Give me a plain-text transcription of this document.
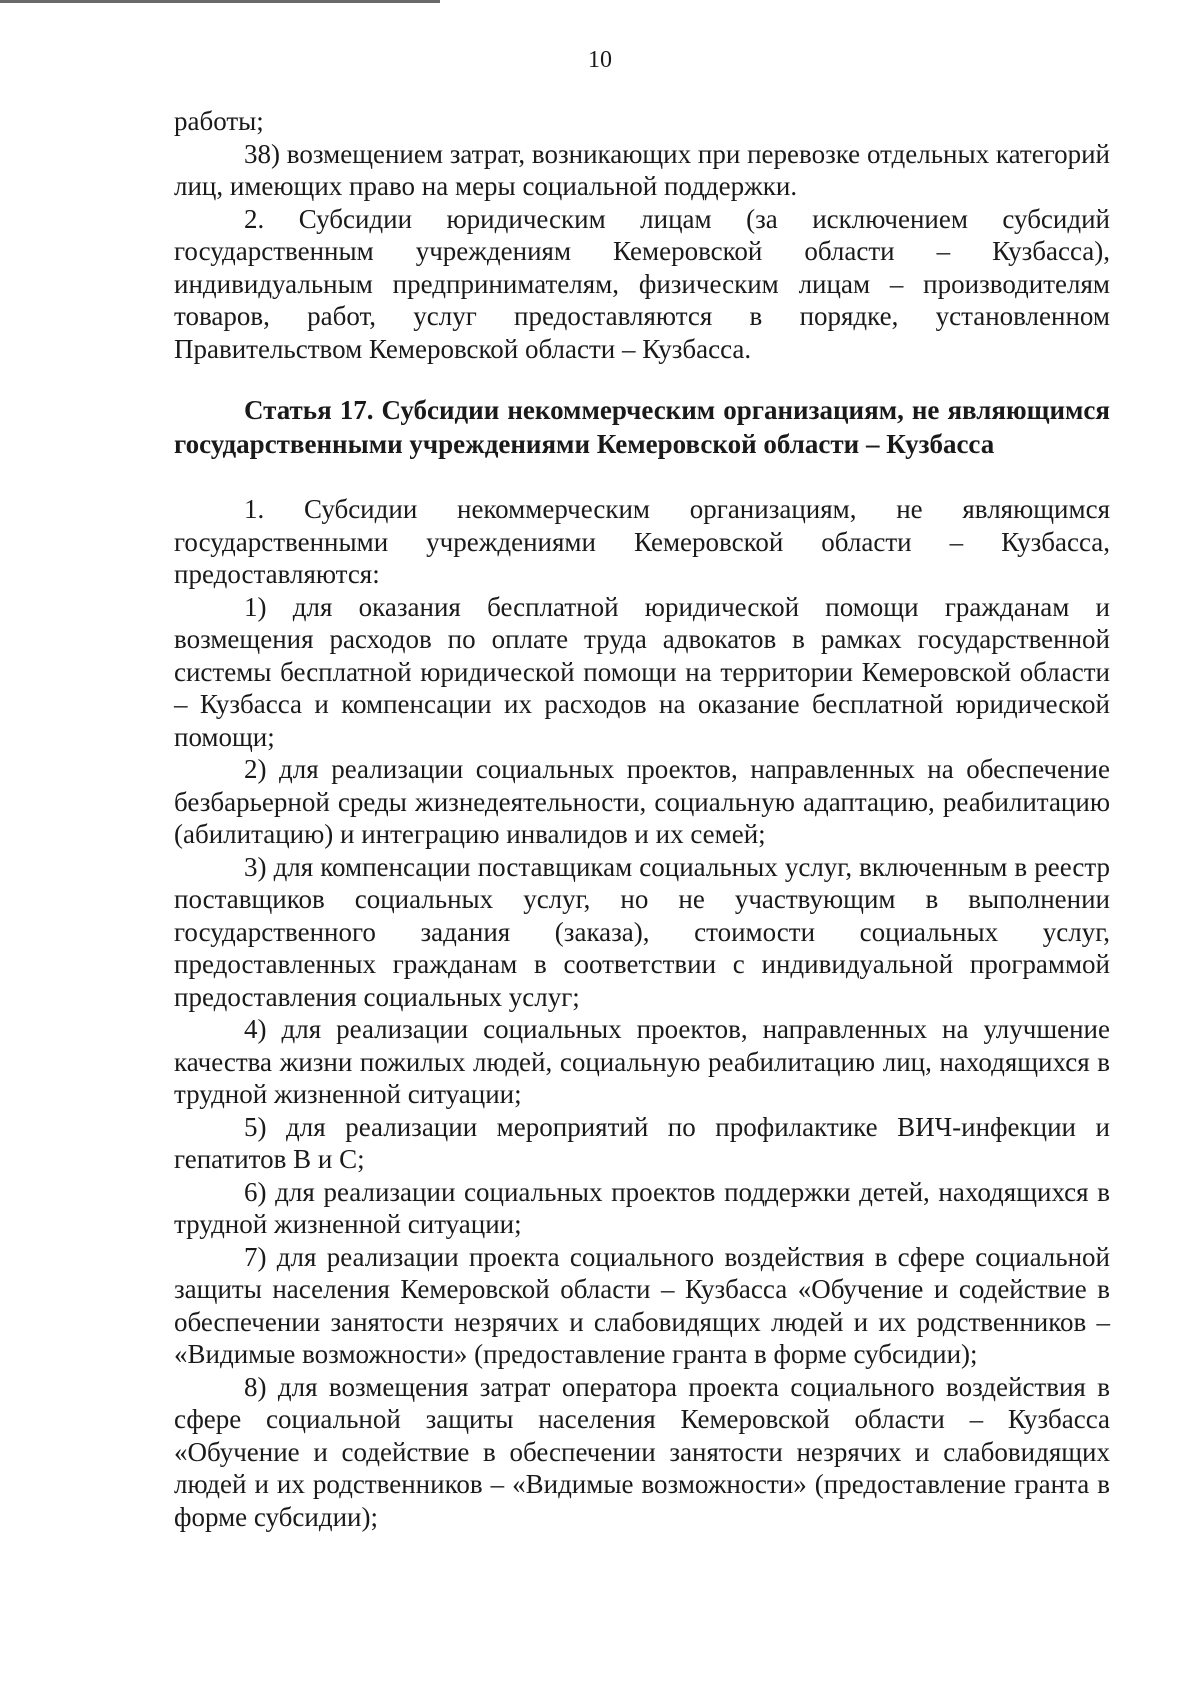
10

работы;

38) возмещением затрат, возникающих при перевозке отдельных категорий лиц, имеющих право на меры социальной поддержки.

2. Субсидии юридическим лицам (за исключением субсидий государственным учреждениям Кемеровской области – Кузбасса), индивидуальным предпринимателям, физическим лицам – производителям товаров, работ, услуг предоставляются в порядке, установленном Правительством Кемеровской области – Кузбасса.

Статья 17. Субсидии некоммерческим организациям, не являющимся государственными учреждениями Кемеровской области – Кузбасса

1. Субсидии некоммерческим организациям, не являющимся государственными учреждениями Кемеровской области – Кузбасса, предоставляются:

1) для оказания бесплатной юридической помощи гражданам и возмещения расходов по оплате труда адвокатов в рамках государственной системы бесплатной юридической помощи на территории Кемеровской области – Кузбасса и компенсации их расходов на оказание бесплатной юридической помощи;

2) для реализации социальных проектов, направленных на обеспечение безбарьерной среды жизнедеятельности, социальную адаптацию, реабилитацию (абилитацию) и интеграцию инвалидов и их семей;

3) для компенсации поставщикам социальных услуг, включенным в реестр поставщиков социальных услуг, но не участвующим в выполнении государственного задания (заказа), стоимости социальных услуг, предоставленных гражданам в соответствии с индивидуальной программой предоставления социальных услуг;

4) для реализации социальных проектов, направленных на улучшение качества жизни пожилых людей, социальную реабилитацию лиц, находящихся в трудной жизненной ситуации;

5) для реализации мероприятий по профилактике ВИЧ-инфекции и гепатитов В и С;

6) для реализации социальных проектов поддержки детей, находящихся в трудной жизненной ситуации;

7) для реализации проекта социального воздействия в сфере социальной защиты населения Кемеровской области – Кузбасса «Обучение и содействие в обеспечении занятости незрячих и слабовидящих людей и их родственников – «Видимые возможности» (предоставление гранта в форме субсидии);

8) для возмещения затрат оператора проекта социального воздействия в сфере социальной защиты населения Кемеровской области – Кузбасса «Обучение и содействие в обеспечении занятости незрячих и слабовидящих людей и их родственников – «Видимые возможности» (предоставление гранта в форме субсидии);
